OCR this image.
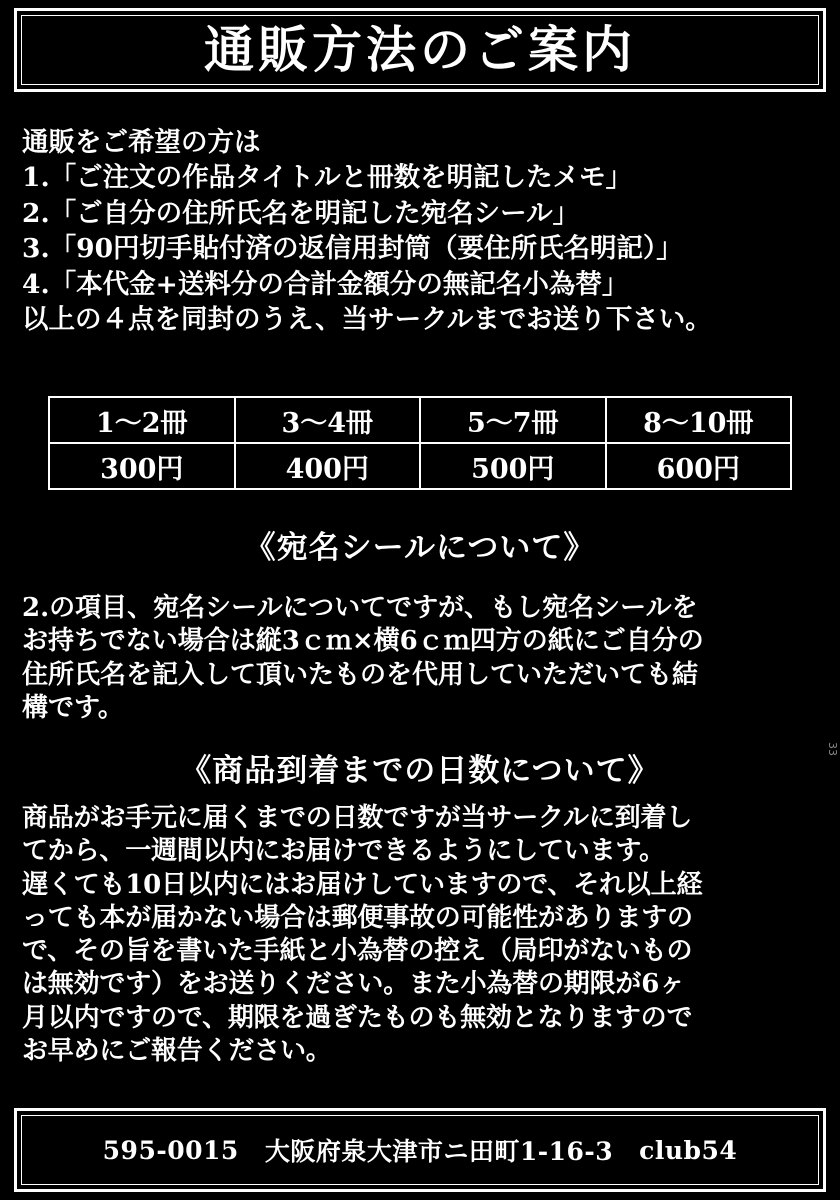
通販方法のご案内

通販をご希望の方は

1.「ご注文の作品タイトルと冊数を明記したメモ」

2.「ご自分の住所氏名を明記した宛名シール」

3.「90円切手貼付済の返信用封筒（要住所氏名明記）」

4.「本代金+送料分の合計金額分の無記名小為替」

以上の４点を同封のうえ、当サークルまでお送り下さい。

1〜2冊	3〜4冊	5〜7冊	8〜10冊
300円	400円	500円	600円
《宛名シールについて》

2.の項目、宛名シールについてですが、もし宛名シールを

お持ちでない場合は縦3ｃｍ×横6ｃｍ四方の紙にご自分の

住所氏名を記入して頂いたものを代用していただいても結

構です。

《商品到着までの日数について》

商品がお手元に届くまでの日数ですが当サークルに到着し

てから、一週間以内にお届けできるようにしています。

遅くても10日以内にはお届けしていますので、それ以上経

っても本が届かない場合は郵便事故の可能性がありますの

で、その旨を書いた手紙と小為替の控え（局印がないもの

は無効です）をお送りください。また小為替の期限が6ヶ

月以内ですので、期限を過ぎたものも無効となりますので

お早めにご報告ください。

33
595-0015 大阪府泉大津市ニ田町1-16-3 club54
